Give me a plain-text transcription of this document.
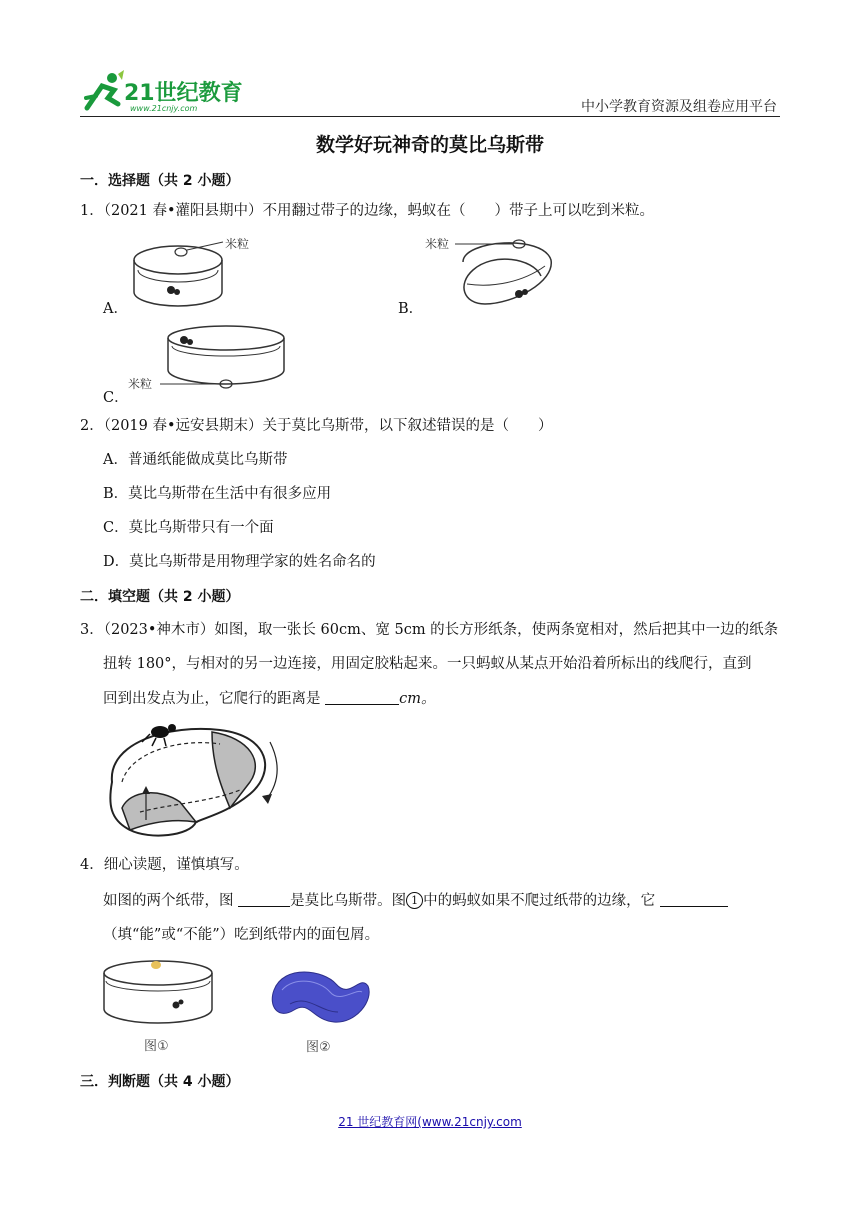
21世纪教育
www.21cnjy.com	中小学教育资源及组卷应用平台
数学好玩神奇的莫比乌斯带
一．选择题（共 2 小题）
1．（2021 春•灌阳县期中）不用翻过带子的边缘，蚂蚁在（　　）带子上可以吃到米粒。
米粒
A．
米粒
B．
米粒
C．
2．（2019 春•远安县期末）关于莫比乌斯带，以下叙述错误的是（　　）
A．普通纸能做成莫比乌斯带
B．莫比乌斯带在生活中有很多应用
C．莫比乌斯带只有一个面
D．莫比乌斯带是用物理学家的姓名命名的
二．填空题（共 2 小题）
3．（2023•神木市）如图，取一张长 60cm、宽 5cm 的长方形纸条，使两条宽相对，然后把其中一边的纸条
扭转 180°，与相对的另一边连接，用固定胶粘起来。一只蚂蚁从某点开始沿着所标出的线爬行，直到
回到出发点为止，它爬行的距离是	cm。
4．细心读题，谨慎填写。
如图的两个纸带，图	是莫比乌斯带。图 1 中的蚂蚁如果不爬过纸带的边缘，它
（填“能”或“不能”）吃到纸带内的面包屑。
图①	图②
三．判断题（共 4 小题）
21 世纪教育网(www.21cnjy.com
